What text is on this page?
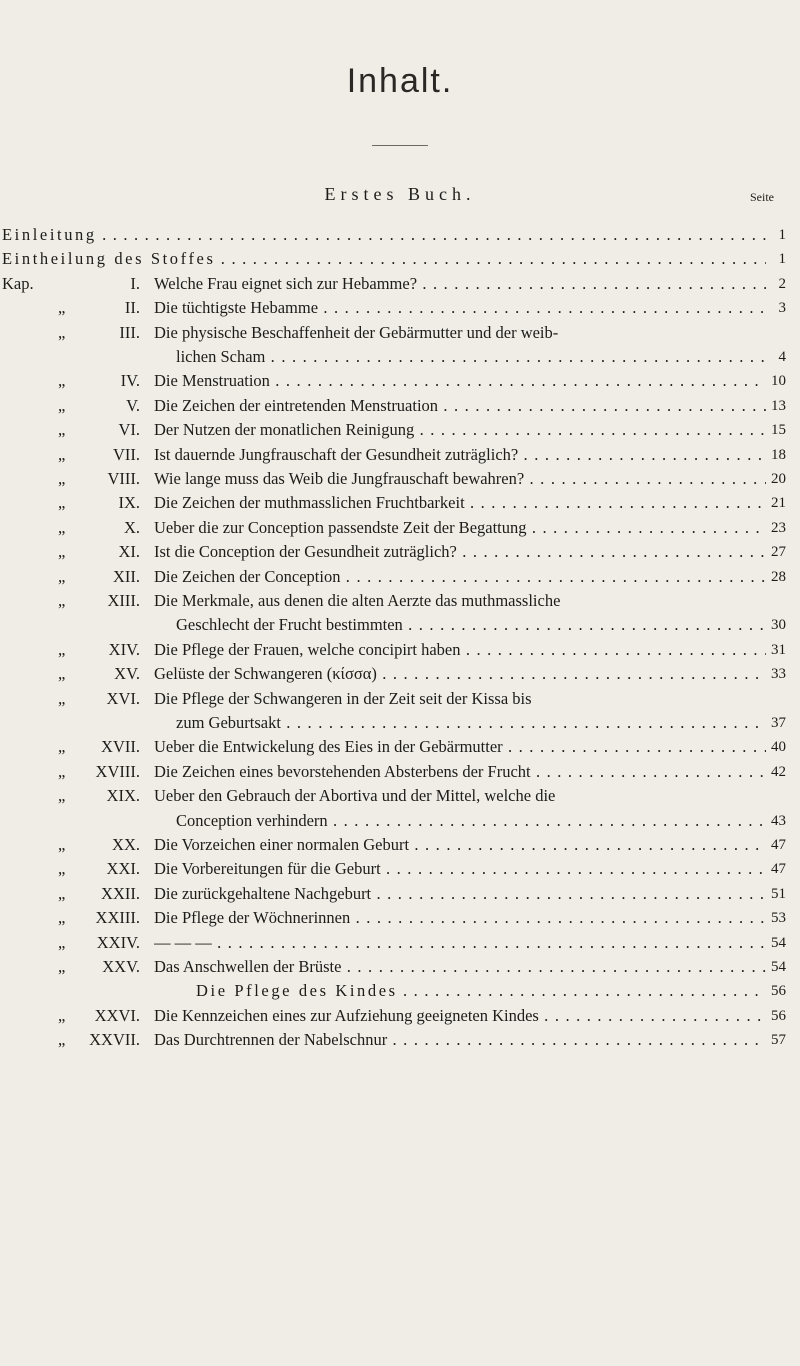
Inhalt.
Erstes Buch.	Seite
Einleitung . . .	1
Eintheilung des Stoffes . . .	1
Kap.	I. Welche Frau eignet sich zur Hebamme? . . .	2
„	II. Die tüchtigste Hebamme . . .	3
„	III. Die physische Beschaffenheit der Gebärmutter und der weib-
lichen Scham . . .	4
„	IV. Die Menstruation . . .	10
„	V. Die Zeichen der eintretenden Menstruation . . .	13
„	VI. Der Nutzen der monatlichen Reinigung . . .	15
„	VII. Ist dauernde Jungfrauschaft der Gesundheit zuträglich? . . .	18
„	VIII. Wie lange muss das Weib die Jungfrauschaft bewahren? . . .	20
„	IX. Die Zeichen der muthmasslichen Fruchtbarkeit . . .	21
„	X. Ueber die zur Conception passendste Zeit der Begattung . . .	23
„	XI. Ist die Conception der Gesundheit zuträglich? . . .	27
„	XII. Die Zeichen der Conception . . .	28
„	XIII. Die Merkmale, aus denen die alten Aerzte das muthmassliche
Geschlecht der Frucht bestimmten . . .	30
„	XIV. Die Pflege der Frauen, welche concipirt haben . . .	31
„	XV. Gelüste der Schwangeren (κίσσα) . . .	33
„	XVI. Die Pflege der Schwangeren in der Zeit seit der Kissa bis
zum Geburtsakt . . .	37
„	XVII. Ueber die Entwickelung des Eies in der Gebärmutter . . .	40
„	XVIII. Die Zeichen eines bevorstehenden Absterbens der Frucht . . .	42
„	XIX. Ueber den Gebrauch der Abortiva und der Mittel, welche die
Conception verhindern . . .	43
„	XX. Die Vorzeichen einer normalen Geburt . . .	47
„	XXI. Die Vorbereitungen für die Geburt . . .	47
„	XXII. Die zurückgehaltene Nachgeburt . . .	51
„	XXIII. Die Pflege der Wöchnerinnen . . .	53
„	XXIV. — — — . . .	54
„	XXV. Das Anschwellen der Brüste . . .	54
Die Pflege des Kindes . . .	56
„	XXVI. Die Kennzeichen eines zur Aufziehung geeigneten Kindes . . .	56
„	XXVII. Das Durchtrennen der Nabelschnur . . .	57
